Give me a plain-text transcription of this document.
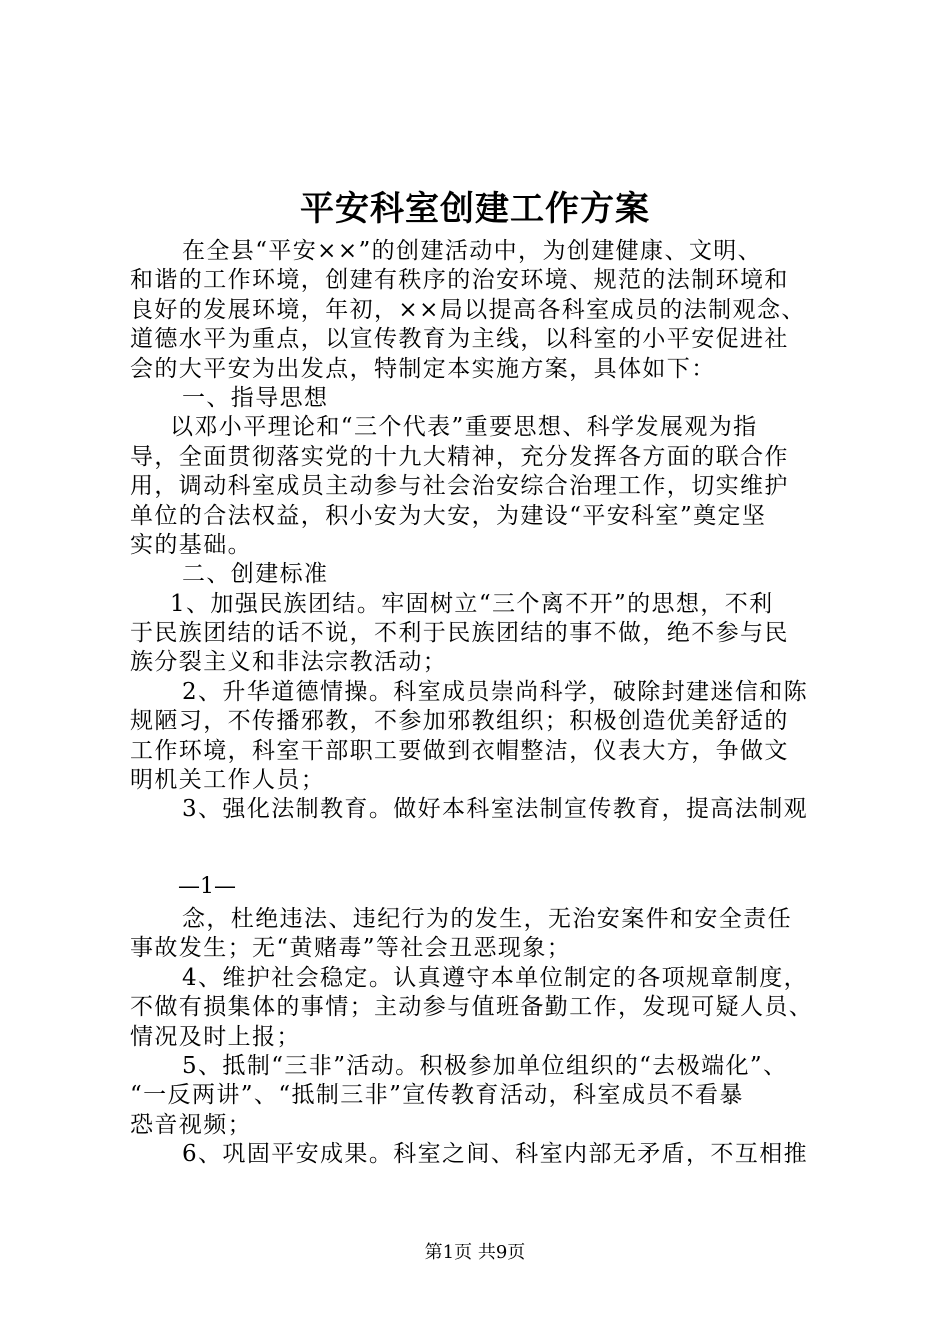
平安科室创建工作方案
在全县“平安××”的创建活动中，为创建健康、文明、
和谐的工作环境，创建有秩序的治安环境、规范的法制环境和
良好的发展环境，年初，××局以提高各科室成员的法制观念、
道德水平为重点，以宣传教育为主线，以科室的小平安促进社
会的大平安为出发点，特制定本实施方案，具体如下：
一、指导思想
以邓小平理论和“三个代表”重要思想、科学发展观为指
导，全面贯彻落实党的十九大精神，充分发挥各方面的联合作
用，调动科室成员主动参与社会治安综合治理工作，切实维护
单位的合法权益，积小安为大安，为建设“平安科室”奠定坚
实的基础。
二、创建标准
1、加强民族团结。牢固树立“三个离不开”的思想，不利
于民族团结的话不说，不利于民族团结的事不做，绝不参与民
族分裂主义和非法宗教活动；
2、升华道德情操。科室成员崇尚科学，破除封建迷信和陈
规陋习，不传播邪教，不参加邪教组织；积极创造优美舒适的
工作环境，科室干部职工要做到衣帽整洁，仪表大方，争做文
明机关工作人员；
3、强化法制教育。做好本科室法制宣传教育，提高法制观
—1—
念，杜绝违法、违纪行为的发生，无治安案件和安全责任
事故发生；无“黄赌毒”等社会丑恶现象；
4、维护社会稳定。认真遵守本单位制定的各项规章制度，
不做有损集体的事情；主动参与值班备勤工作，发现可疑人员、
情况及时上报；
5、抵制“三非”活动。积极参加单位组织的“去极端化”、
“一反两讲”、“抵制三非”宣传教育活动，科室成员不看暴
恐音视频；
6、巩固平安成果。科室之间、科室内部无矛盾，不互相推
第1页 共9页
